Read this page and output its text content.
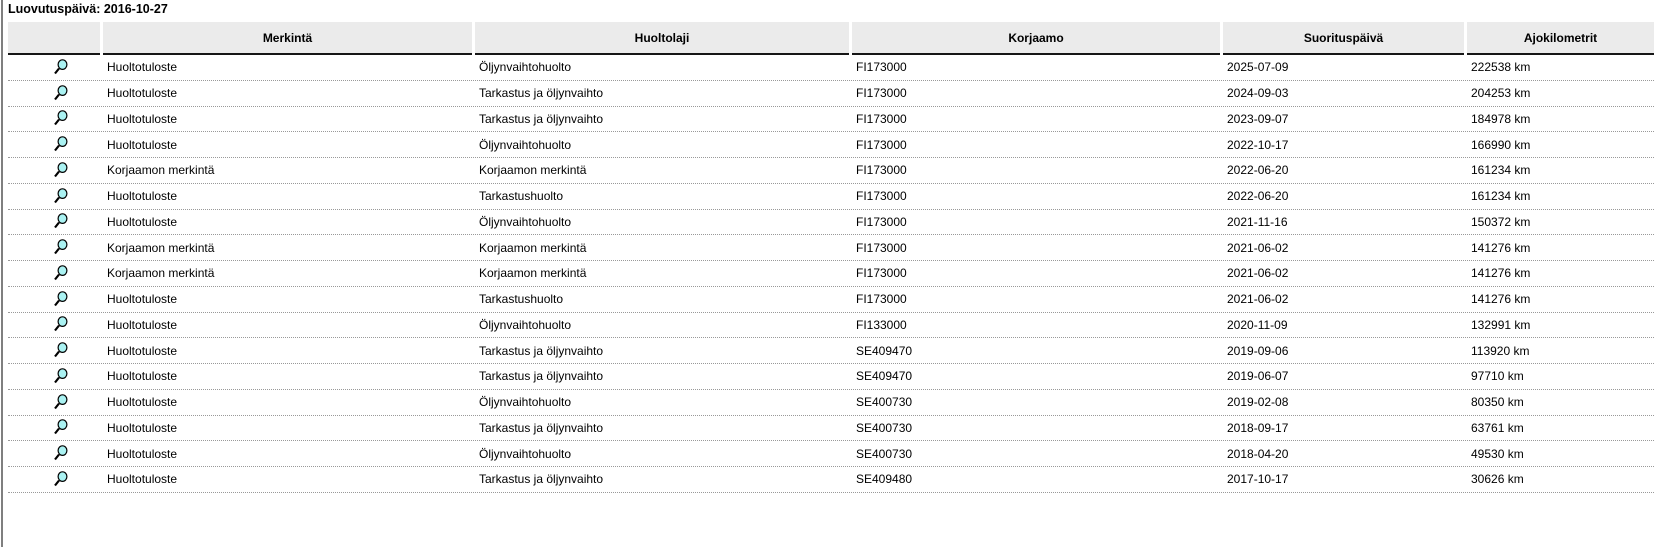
Luovutuspäivä: 2016-10-27
Merkintä	Huoltolaji	Korjaamo	Suorituspäivä	Ajokilometrit
Huoltotuloste	Öljynvaihtohuolto	FI173000	2025-07-09	222538 km
Huoltotuloste	Tarkastus ja öljynvaihto	FI173000	2024-09-03	204253 km
Huoltotuloste	Tarkastus ja öljynvaihto	FI173000	2023-09-07	184978 km
Huoltotuloste	Öljynvaihtohuolto	FI173000	2022-10-17	166990 km
Korjaamon merkintä	Korjaamon merkintä	FI173000	2022-06-20	161234 km
Huoltotuloste	Tarkastushuolto	FI173000	2022-06-20	161234 km
Huoltotuloste	Öljynvaihtohuolto	FI173000	2021-11-16	150372 km
Korjaamon merkintä	Korjaamon merkintä	FI173000	2021-06-02	141276 km
Korjaamon merkintä	Korjaamon merkintä	FI173000	2021-06-02	141276 km
Huoltotuloste	Tarkastushuolto	FI173000	2021-06-02	141276 km
Huoltotuloste	Öljynvaihtohuolto	FI133000	2020-11-09	132991 km
Huoltotuloste	Tarkastus ja öljynvaihto	SE409470	2019-09-06	113920 km
Huoltotuloste	Tarkastus ja öljynvaihto	SE409470	2019-06-07	97710 km
Huoltotuloste	Öljynvaihtohuolto	SE400730	2019-02-08	80350 km
Huoltotuloste	Tarkastus ja öljynvaihto	SE400730	2018-09-17	63761 km
Huoltotuloste	Öljynvaihtohuolto	SE400730	2018-04-20	49530 km
Huoltotuloste	Tarkastus ja öljynvaihto	SE409480	2017-10-17	30626 km
